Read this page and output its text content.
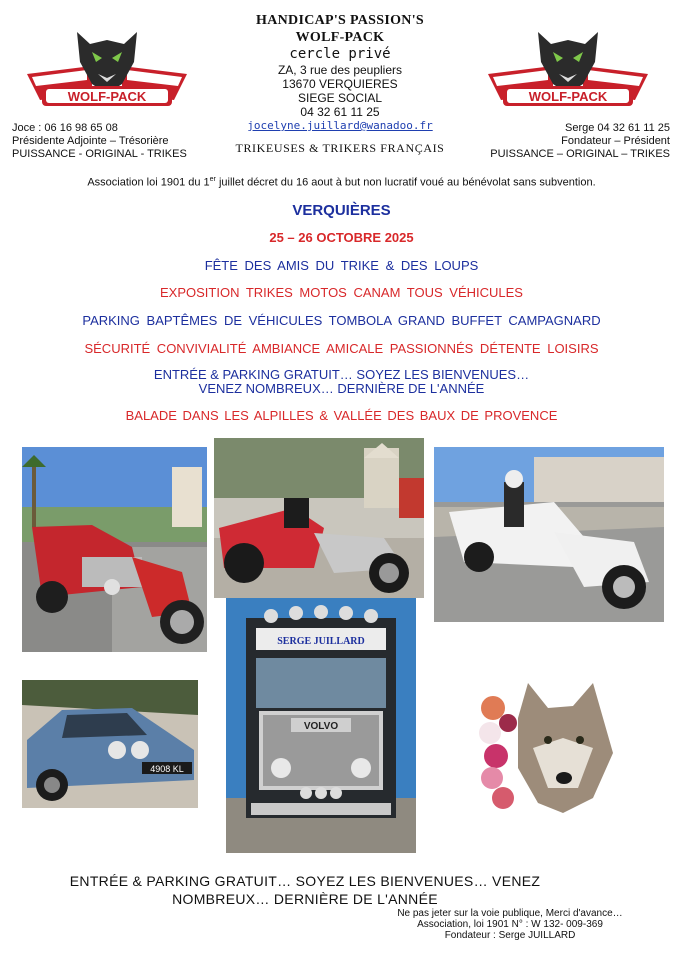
WOLF-PACK	WOLF-PACK
HANDICAP'S PASSION'S
WOLF-PACK
cercle privé
ZA, 3 rue des peupliers
13670 VERQUIERES
SIEGE SOCIAL
04 32 61 11 25
jocelyne.juillard@wanadoo.fr
TRIKEUSES & TRIKERS FRANÇAIS
Joce : 06 16 98 65 08
Présidente Adjointe – Trésorière
PUISSANCE - ORIGINAL - TRIKES
Serge 04 32 61 11 25
Fondateur – Président
PUISSANCE – ORIGINAL – TRIKES
Association loi 1901 du 1er juillet décret du 16 aout à but non lucratif voué au bénévolat sans subvention.
VERQUIÈRES
25 – 26 OCTOBRE 2025
FÊTE DES AMIS DU TRIKE & DES LOUPS
EXPOSITION TRIKES MOTOS CANAM TOUS VÉHICULES
PARKING BAPTÊMES DE VÉHICULES TOMBOLA GRAND BUFFET CAMPAGNARD
SÉCURITÉ CONVIVIALITÉ AMBIANCE AMICALE PASSIONNÉS DÉTENTE LOISIRS
ENTRÉE & PARKING GRATUIT… SOYEZ LES BIENVENUES…
VENEZ NOMBREUX… DERNIÈRE DE L'ANNÉE
BALADE DANS LES ALPILLES & VALLÉE DES BAUX DE PROVENCE
SERGE JUILLARD
VOLVO
4908 KL
ENTRÉE & PARKING GRATUIT… SOYEZ LES BIENVENUES… VENEZ
NOMBREUX… DERNIÈRE DE L'ANNÉE
Ne pas jeter sur la voie publique, Merci d'avance…
Association, loi 1901 N° : W 132- 009-369
Fondateur : Serge JUILLARD
